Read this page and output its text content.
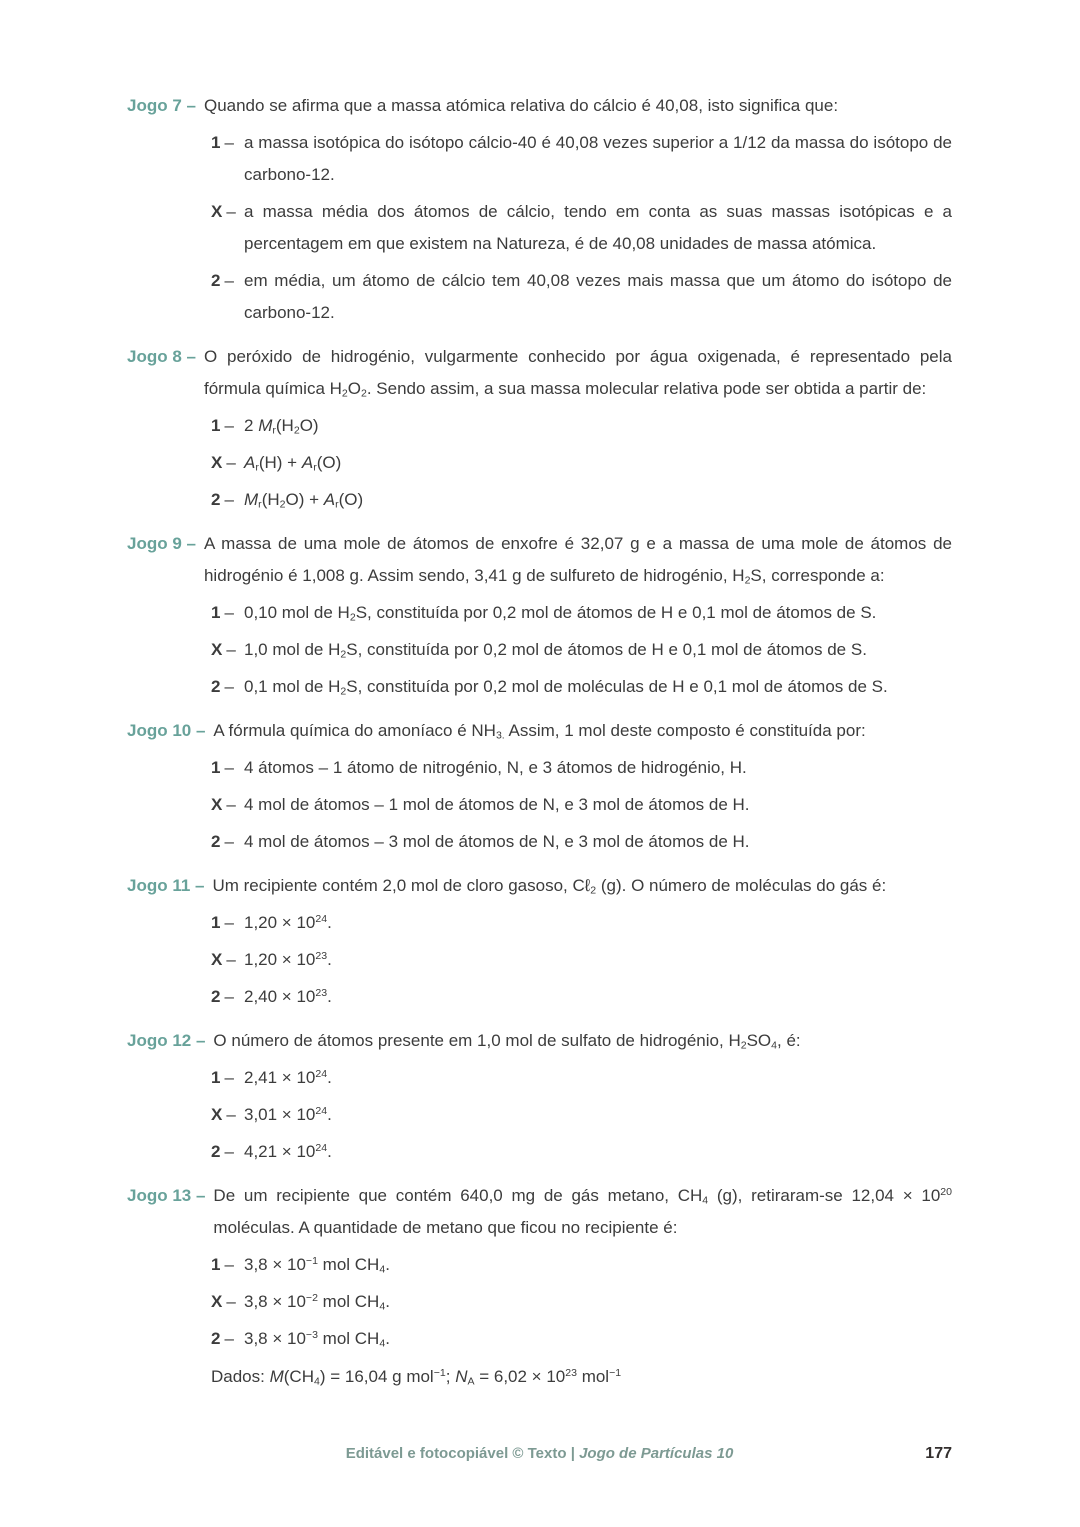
Jogo 7 – Quando se afirma que a massa atómica relativa do cálcio é 40,08, isto significa que:
1 – a massa isotópica do isótopo cálcio-40 é 40,08 vezes superior a 1/12 da massa do isótopo de carbono-12.
X – a massa média dos átomos de cálcio, tendo em conta as suas massas isotópicas e a percentagem em que existem na Natureza, é de 40,08 unidades de massa atómica.
2 – em média, um átomo de cálcio tem 40,08 vezes mais massa que um átomo do isótopo de carbono-12.
Jogo 8 – O peróxido de hidrogénio, vulgarmente conhecido por água oxigenada, é representado pela fórmula química $H_2O_2$. Sendo assim, a sua massa molecular relativa pode ser obtida a partir de:
1 – 2 $M_r(H_2O)$
$X - A_r(H) + A_r(O)$
$2 - M_r(H_2O) + A_r(O)$
Jogo 9 – A massa de uma mole de átomos de enxofre é 32,07 g e a massa de uma mole de átomos de hidrogénio é 1,008 g. Assim sendo, 3,41 g de sulfureto de hidrogénio, $H_2S$, corresponde a:
1 – 0,10 mol de $H_2S$, constituída por 0,2 mol de átomos de H e 0,1 mol de átomos de S.
X – 1,0 mol de $H_2S$, constituída por 0,2 mol de átomos de H e 0,1 mol de átomos de S.
2 – 0,1 mol de $H_2S$, constituída por 0,2 mol de moléculas de H e 0,1 mol de átomos de S.
Jogo 10 – A fórmula química do amoníaco é $NH_{3.}$ Assim, 1 mol deste composto é constituída por:
1 – 4 átomos – 1 átomo de nitrogénio, N, e 3 átomos de hidrogénio, H.
X – 4 mol de átomos – 1 mol de átomos de N, e 3 mol de átomos de H.
2 – 4 mol de átomos – 3 mol de átomos de N, e 3 mol de átomos de H.
Jogo 11 – Um recipiente contém 2,0 mol de cloro gasoso, Cℓ$_2$ (g). O número de moléculas do gás é:
$1 - 1,20 \times 10^{24}$.
$X - 1,20 \times 10^{23}$.
$2 - 2,40 \times 10^{23}$.
Jogo 12 – O número de átomos presente em 1,0 mol de sulfato de hidrogénio, $H_2SO_4$, é:
$1 - 2,41 \times 10^{24}$.
$X - 3,01 \times 10^{24}$.
$2 - 4,21 \times 10^{24}$.
Jogo 13 – De um recipiente que contém 640,0 mg de gás metano, $CH_4$ (g), retiraram-se $12,04 \times 10^{20}$ moléculas. A quantidade de metano que ficou no recipiente é:
$1 - 3,8 \times 10^{-1}$ mol $CH_4$.
$X - 3,8 \times 10^{-2}$ mol $CH_4$.
$2 - 3,8 \times 10^{-3}$ mol $CH_4$.
Dados: $M(CH_4) = 16,04$ g mol$^{-1}$; $N_A = 6,02 \times 10^{23}$ mol$^{-1}$
Editável e fotocopiável © Texto | Jogo de Partículas 10	177
